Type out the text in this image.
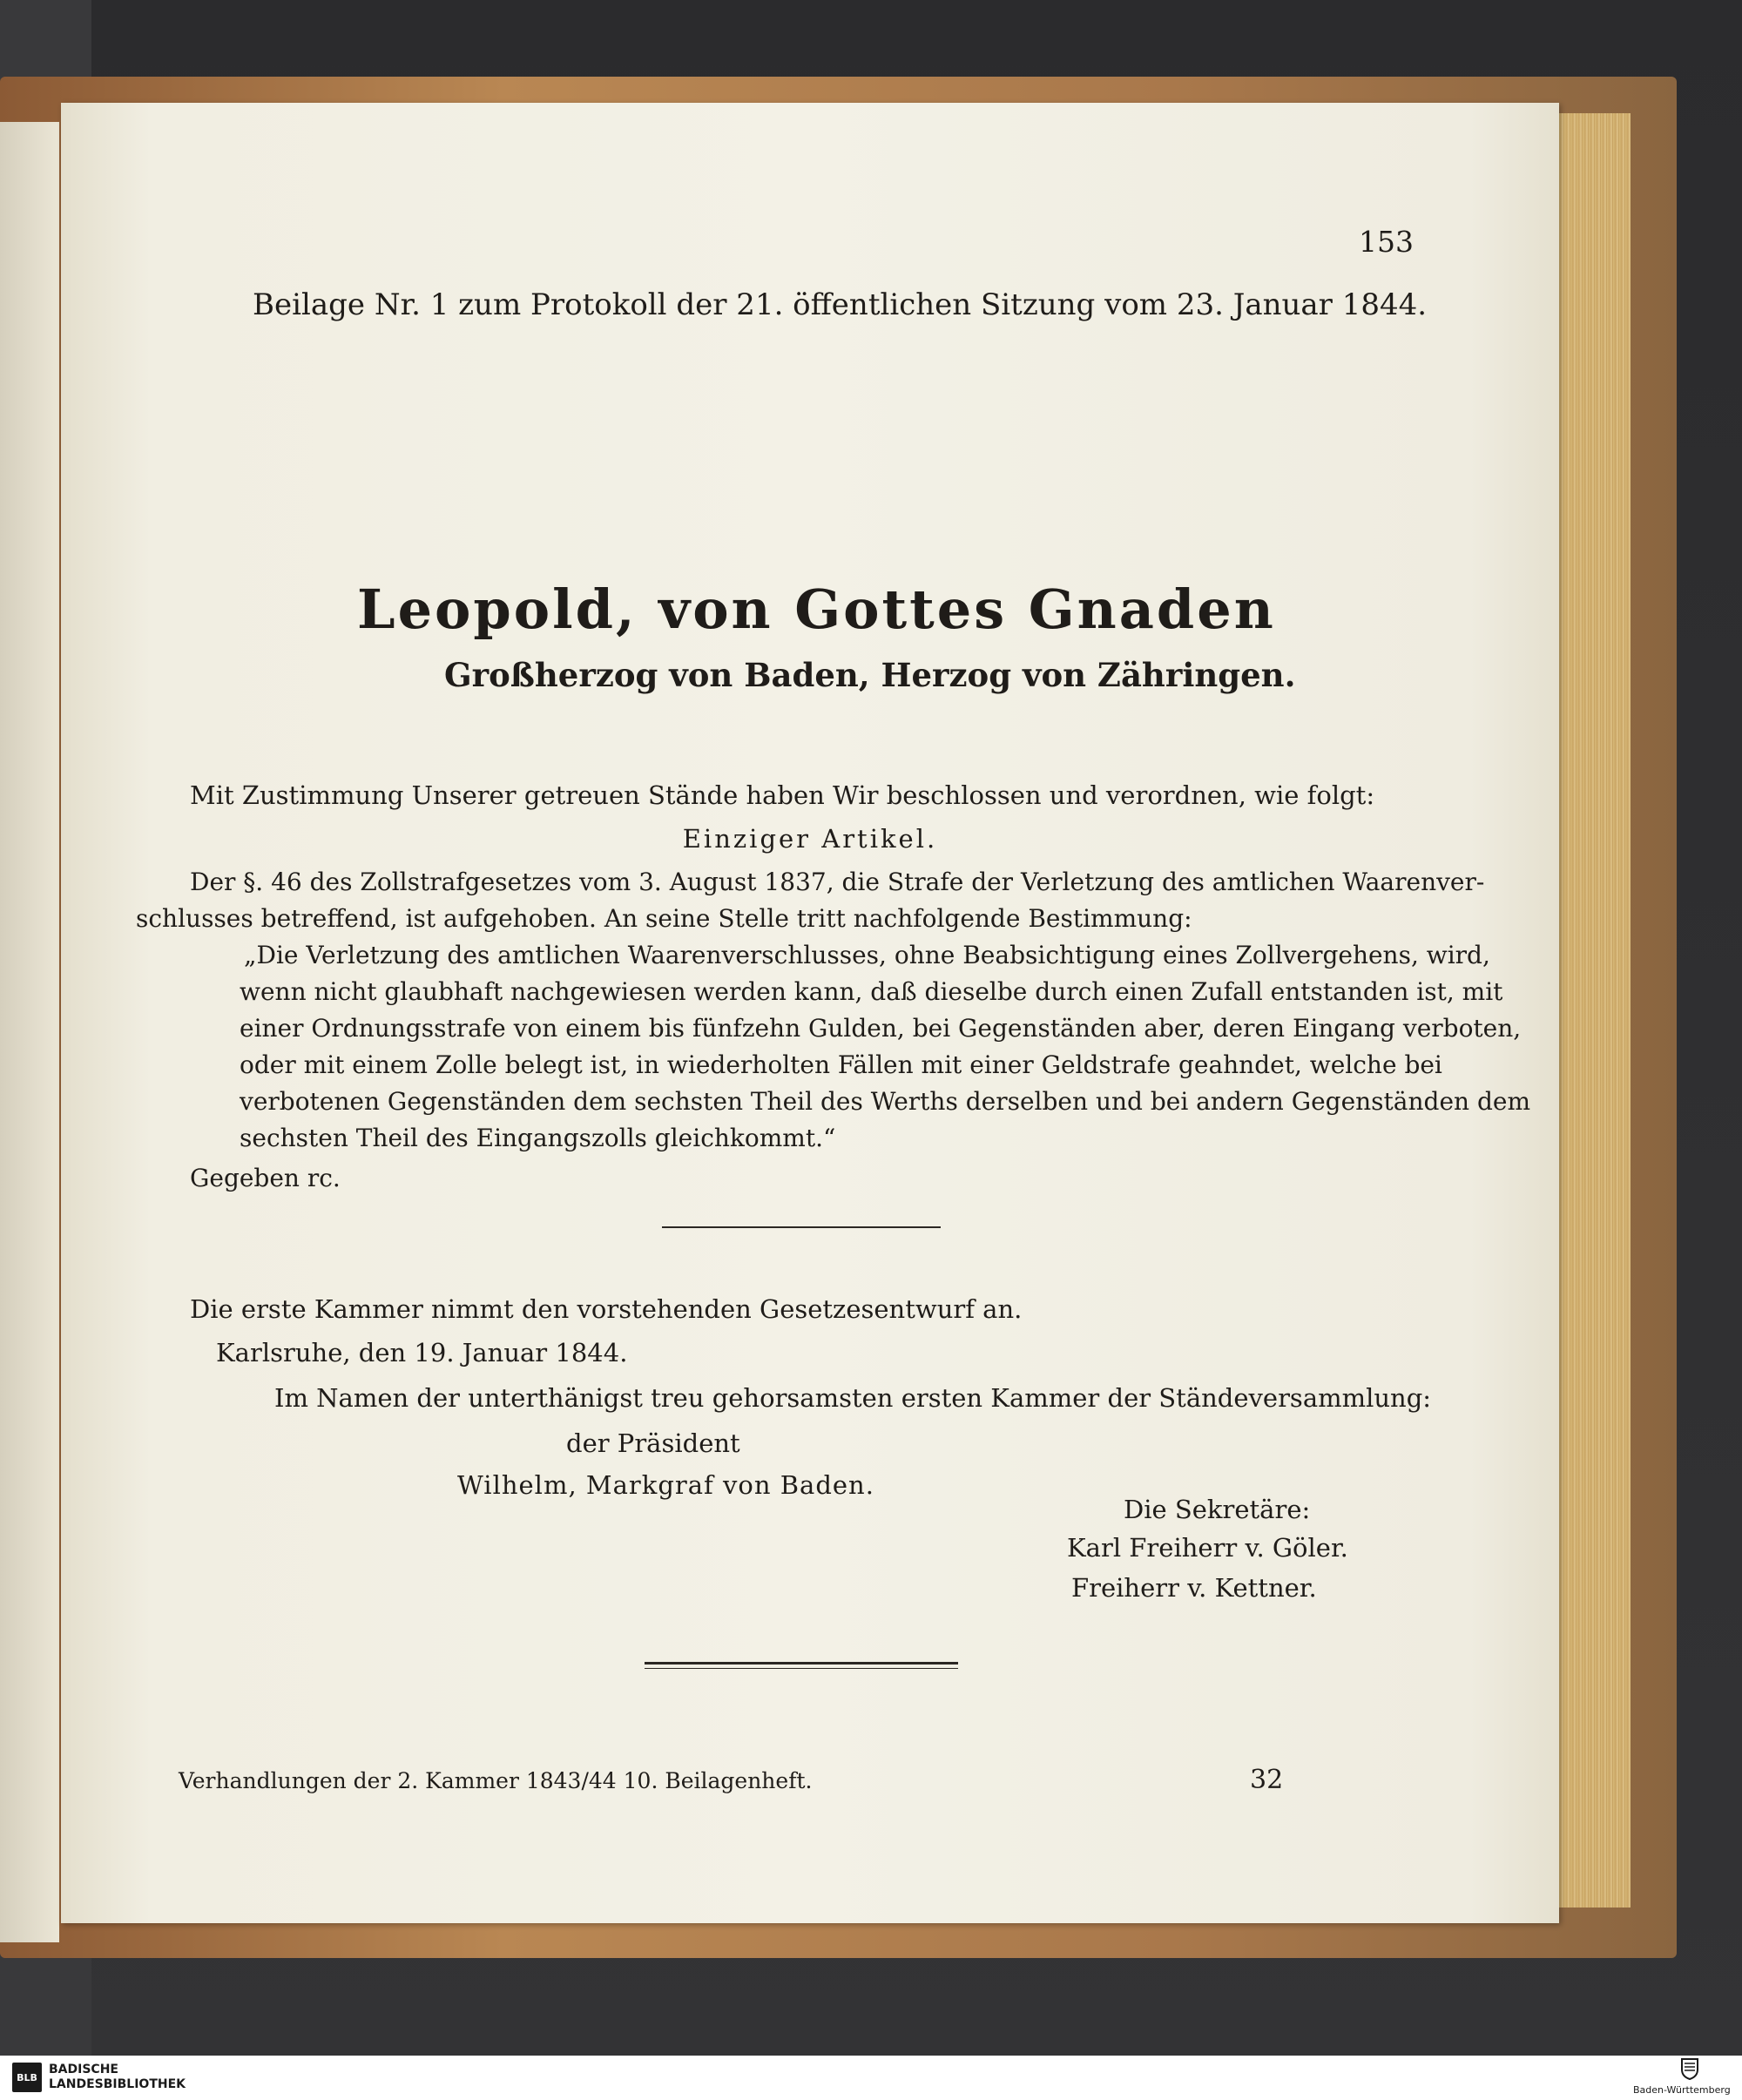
153
Beilage Nr. 1 zum Protokoll der 21. öffentlichen Sitzung vom 23. Januar 1844.
Leopold, von Gottes Gnaden
Großherzog von Baden, Herzog von Zähringen.
Mit Zustimmung Unserer getreuen Stände haben Wir beschlossen und verordnen, wie folgt:
Einziger Artikel.
Der §. 46 des Zollstrafgesetzes vom 3. August 1837, die Strafe der Verletzung des amtlichen Waarenver-
schlusses betreffend, ist aufgehoben. An seine Stelle tritt nachfolgende Bestimmung:
„Die Verletzung des amtlichen Waarenverschlusses, ohne Beabsichtigung eines Zollvergehens, wird,
wenn nicht glaubhaft nachgewiesen werden kann, daß dieselbe durch einen Zufall entstanden ist, mit
einer Ordnungsstrafe von einem bis fünfzehn Gulden, bei Gegenständen aber, deren Eingang verboten,
oder mit einem Zolle belegt ist, in wiederholten Fällen mit einer Geldstrafe geahndet, welche bei
verbotenen Gegenständen dem sechsten Theil des Werths derselben und bei andern Gegenständen dem
sechsten Theil des Eingangszolls gleichkommt.“
Gegeben rc.
Die erste Kammer nimmt den vorstehenden Gesetzesentwurf an.
Karlsruhe, den 19. Januar 1844.
Im Namen der unterthänigst treu gehorsamsten ersten Kammer der Ständeversammlung:
der Präsident
Wilhelm, Markgraf von Baden.
Die Sekretäre:
Karl Freiherr v. Göler.
Freiherr v. Kettner.
Verhandlungen der 2. Kammer 1843/44 10. Beilagenheft.	32
BLB
BADISCHE
LANDESBIBLIOTHEK	Baden-Württemberg
